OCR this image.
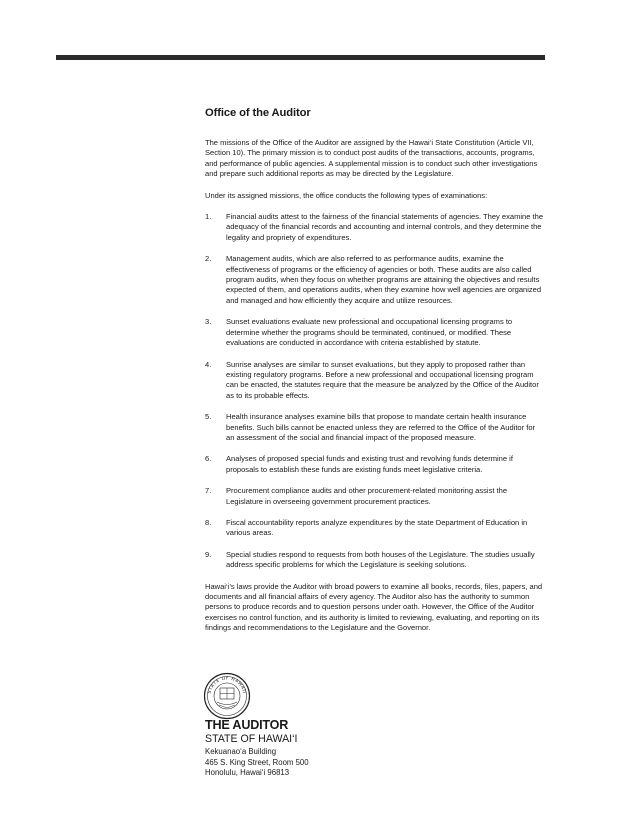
Office of the Auditor

The missions of the Office of the Auditor are assigned by the Hawai‘i State Constitution (Article VII, Section 10). The primary mission is to conduct post audits of the transactions, accounts, programs, and performance of public agencies. A supplemental mission is to conduct such other investigations and prepare such additional reports as may be directed by the Legislature.

Under its assigned missions, the office conducts the following types of examinations:

1.	Financial audits attest to the fairness of the financial statements of agencies. They examine the adequacy of the financial records and accounting and internal controls, and they determine the legality and propriety of expenditures.
2.	Management audits, which are also referred to as performance audits, examine the effectiveness of programs or the efficiency of agencies or both. These audits are also called program audits, when they focus on whether programs are attaining the objectives and results expected of them, and operations audits, when they examine how well agencies are organized and managed and how efficiently they acquire and utilize resources.
3.	Sunset evaluations evaluate new professional and occupational licensing programs to determine whether the programs should be terminated, continued, or modified. These evaluations are conducted in accordance with criteria established by statute.
4.	Sunrise analyses are similar to sunset evaluations, but they apply to proposed rather than existing regulatory programs. Before a new professional and occupational licensing program can be enacted, the statutes require that the measure be analyzed by the Office of the Auditor as to its probable effects.
5.	Health insurance analyses examine bills that propose to mandate certain health insurance benefits. Such bills cannot be enacted unless they are referred to the Office of the Auditor for an assessment of the social and financial impact of the proposed measure.
6.	Analyses of proposed special funds and existing trust and revolving funds determine if proposals to establish these funds are existing funds meet legislative criteria.
7.	Procurement compliance audits and other procurement-related monitoring assist the Legislature in overseeing government procurement practices.
8.	Fiscal accountability reports analyze expenditures by the state Department of Education in various areas.
9.	Special studies respond to requests from both houses of the Legislature. The studies usually address specific problems for which the Legislature is seeking solutions.

Hawai‘i’s laws provide the Auditor with broad powers to examine all books, records, files, papers, and documents and all financial affairs of every agency. The Auditor also has the authority to summon persons to produce records and to question persons under oath. However, the Office of the Auditor exercises no control function, and its authority is limited to reviewing, evaluating, and reporting on its findings and recommendations to the Legislature and the Governor.

STATE OF HAWAII
THE AUDITOR
STATE OF HAWAI‘I
Kekuanao‘a Building
465 S. King Street, Room 500
Honolulu, Hawai‘i 96813
